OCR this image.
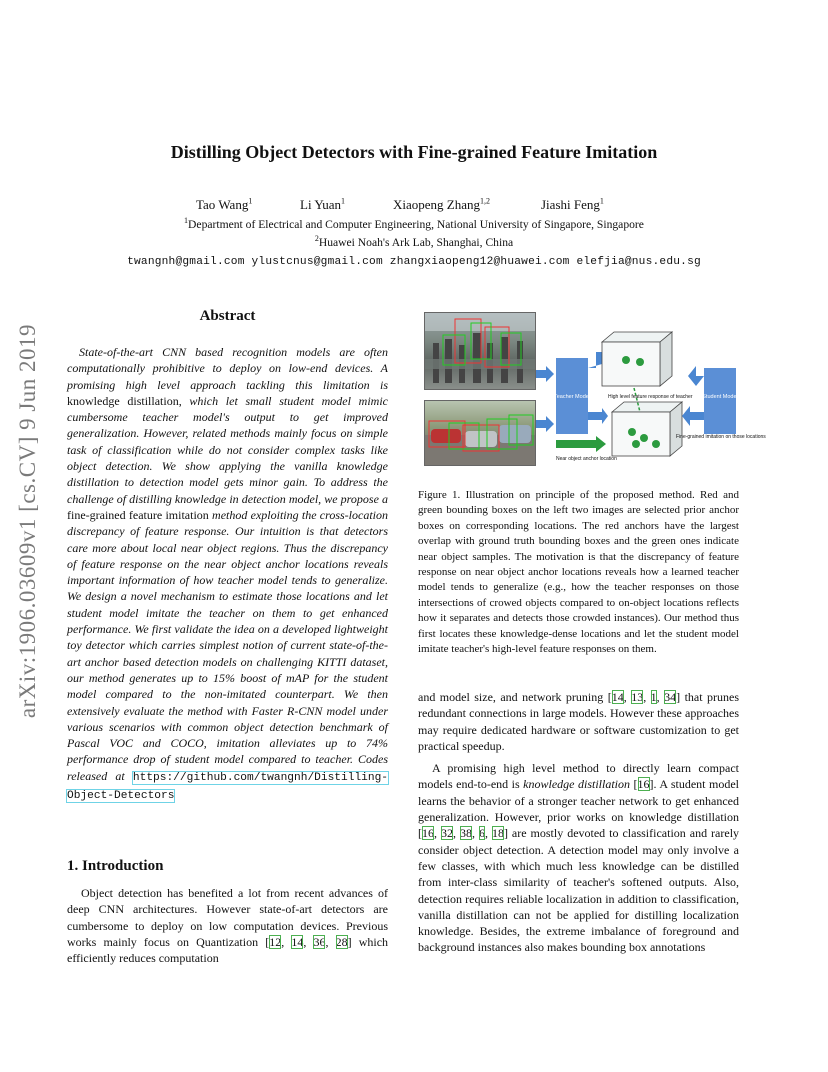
arXiv:1906.03609v1 [cs.CV] 9 Jun 2019
Distilling Object Detectors with Fine-grained Feature Imitation
Tao Wang$^1$	Li Yuan$^1$	Xiaopeng Zhang$^{1,2}$	Jiashi Feng$^1$
$^1$Department of Electrical and Computer Engineering, National University of Singapore, Singapore
$^2$Huawei Noah's Ark Lab, Shanghai, China
twangnh@gmail.com ylustcnus@gmail.com zhangxiaopeng12@huawei.com elefjia@nus.edu.sg
Abstract
State-of-the-art CNN based recognition models are often computationally prohibitive to deploy on low-end devices. A promising high level approach tackling this limitation is knowledge distillation, which let small student model mimic cumbersome teacher model's output to get improved generalization. However, related methods mainly focus on simple task of classification while do not consider complex tasks like object detection. We show applying the vanilla knowledge distillation to detection model gets minor gain. To address the challenge of distilling knowledge in detection model, we propose a fine-grained feature imitation method exploiting the cross-location discrepancy of feature response. Our intuition is that detectors care more about local near object regions. Thus the discrepancy of feature response on the near object anchor locations reveals important information of how teacher model tends to generalize. We design a novel mechanism to estimate those locations and let student model imitate the teacher on them to get enhanced performance. We first validate the idea on a developed lightweight toy detector which carries simplest notion of current state-of-the-art anchor based detection models on challenging KITTI dataset, our method generates up to 15% boost of mAP for the student model compared to the non-imitated counterpart. We then extensively evaluate the method with Faster R-CNN model under various scenarios with common object detection benchmark of Pascal VOC and COCO, imitation alleviates up to 74% performance drop of student model compared to teacher. Codes released at https://github.com/twangnh/Distilling-Object-Detectors
1. Introduction

Object detection has benefited a lot from recent advances of deep CNN architectures. However state-of-art detectors are cumbersome to deploy on low computation devices. Previous works mainly focus on Quantization [12, 14, 36, 28] which efficiently reduces computation

Teacher Model	Student Model
High level feature response of teacher
Fine-grained imitation on those locations
Near object anchor location
Figure 1. Illustration on principle of the proposed method. Red and green bounding boxes on the left two images are selected prior anchor boxes on corresponding locations. The red anchors have the largest overlap with ground truth bounding boxes and the green ones indicate near object samples. The motivation is that the discrepancy of feature response on near object anchor locations reveals how a learned teacher model tends to generalize (e.g., how the teacher responses on those intersections of crowed objects compared to on-object locations reflects how it separates and detects those crowded instances). Our method thus first locates these knowledge-dense locations and let the student model imitate teacher's high-level feature responses on them.

and model size, and network pruning [14, 13, 1, 34] that prunes redundant connections in large models. However these approaches may require dedicated hardware or software customization to get practical speedup.

A promising high level method to directly learn compact models end-to-end is knowledge distillation [16]. A student model learns the behavior of a stronger teacher network to get enhanced generalization. However, prior works on knowledge distillation [16, 32, 38, 6, 18] are mostly devoted to classification and rarely consider object detection. A detection model may only involve a few classes, with which much less knowledge can be distilled from inter-class similarity of teacher's softened outputs. Also, detection requires reliable localization in addition to classification, vanilla distillation can not be applied for distilling localization knowledge. Besides, the extreme imbalance of foreground and background instances also makes bounding box annotations
